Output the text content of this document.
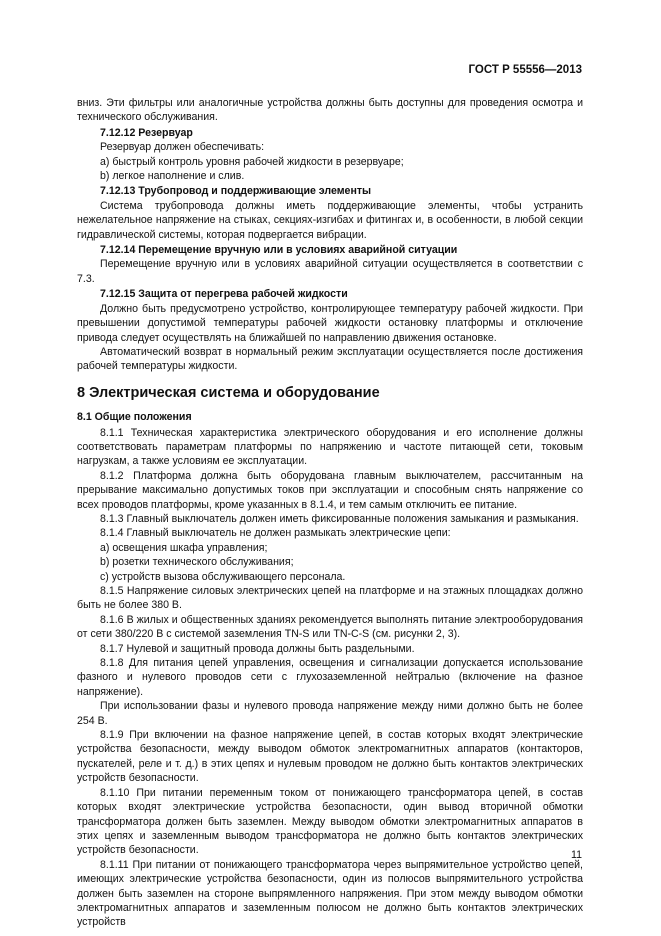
ГОСТ Р 55556—2013

вниз. Эти фильтры или аналогичные устройства должны быть доступны для проведения осмотра и технического обслуживания.

7.12.12 Резервуар

Резервуар должен обеспечивать:

а) быстрый контроль уровня рабочей жидкости в резервуаре;

b) легкое наполнение и слив.

7.12.13 Трубопровод и поддерживающие элементы

Система трубопровода должны иметь поддерживающие элементы, чтобы устранить нежелательное напряжение на стыках, секциях-изгибах и фитингах и, в особенности, в любой секции гидравлической системы, которая подвергается вибрации.

7.12.14 Перемещение вручную или в условиях аварийной ситуации

Перемещение вручную или в условиях аварийной ситуации осуществляется в соответствии с 7.3.

7.12.15 Защита от перегрева рабочей жидкости

Должно быть предусмотрено устройство, контролирующее температуру рабочей жидкости. При превышении допустимой температуры рабочей жидкости остановку платформы и отключение привода следует осуществлять на ближайшей по направлению движения остановке.

Автоматический возврат в нормальный режим эксплуатации осуществляется после достижения рабочей температуры жидкости.

8 Электрическая система и оборудование

8.1 Общие положения

8.1.1 Техническая характеристика электрического оборудования и его исполнение должны соответствовать параметрам платформы по напряжению и частоте питающей сети, токовым нагрузкам, а также условиям ее эксплуатации.

8.1.2 Платформа должна быть оборудована главным выключателем, рассчитанным на прерывание максимально допустимых токов при эксплуатации и способным снять напряжение со всех проводов платформы, кроме указанных в 8.1.4, и тем самым отключить ее питание.

8.1.3 Главный выключатель должен иметь фиксированные положения замыкания и размыкания.

8.1.4 Главный выключатель не должен размыкать электрические цепи:

а) освещения шкафа управления;

b) розетки технического обслуживания;

c) устройств вызова обслуживающего персонала.

8.1.5 Напряжение силовых электрических цепей на платформе и на этажных площадках должно быть не более 380 В.

8.1.6 В жилых и общественных зданиях рекомендуется выполнять питание электрооборудования от сети 380/220 В с системой заземления TN-S или TN-C-S (см. рисунки 2, 3).

8.1.7 Нулевой и защитный провода должны быть раздельными.

8.1.8 Для питания цепей управления, освещения и сигнализации допускается использование фазного и нулевого проводов сети с глухозаземленной нейтралью (включение на фазное напряжение).

При использовании фазы и нулевого провода напряжение между ними должно быть не более 254 В.

8.1.9 При включении на фазное напряжение цепей, в состав которых входят электрические устройства безопасности, между выводом обмоток электромагнитных аппаратов (контакторов, пускателей, реле и т. д.) в этих цепях и нулевым проводом не должно быть контактов электрических устройств безопасности.

8.1.10 При питании переменным током от понижающего трансформатора цепей, в состав которых входят электрические устройства безопасности, один вывод вторичной обмотки трансформатора должен быть заземлен. Между выводом обмотки электромагнитных аппаратов в этих цепях и заземленным выводом трансформатора не должно быть контактов электрических устройств безопасности.

8.1.11 При питании от понижающего трансформатора через выпрямительное устройство цепей, имеющих электрические устройства безопасности, один из полюсов выпрямительного устройства должен быть заземлен на стороне выпрямленного напряжения. При этом между выводом обмотки электромагнитных аппаратов и заземленным полюсом не должно быть контактов электрических устройств

11
